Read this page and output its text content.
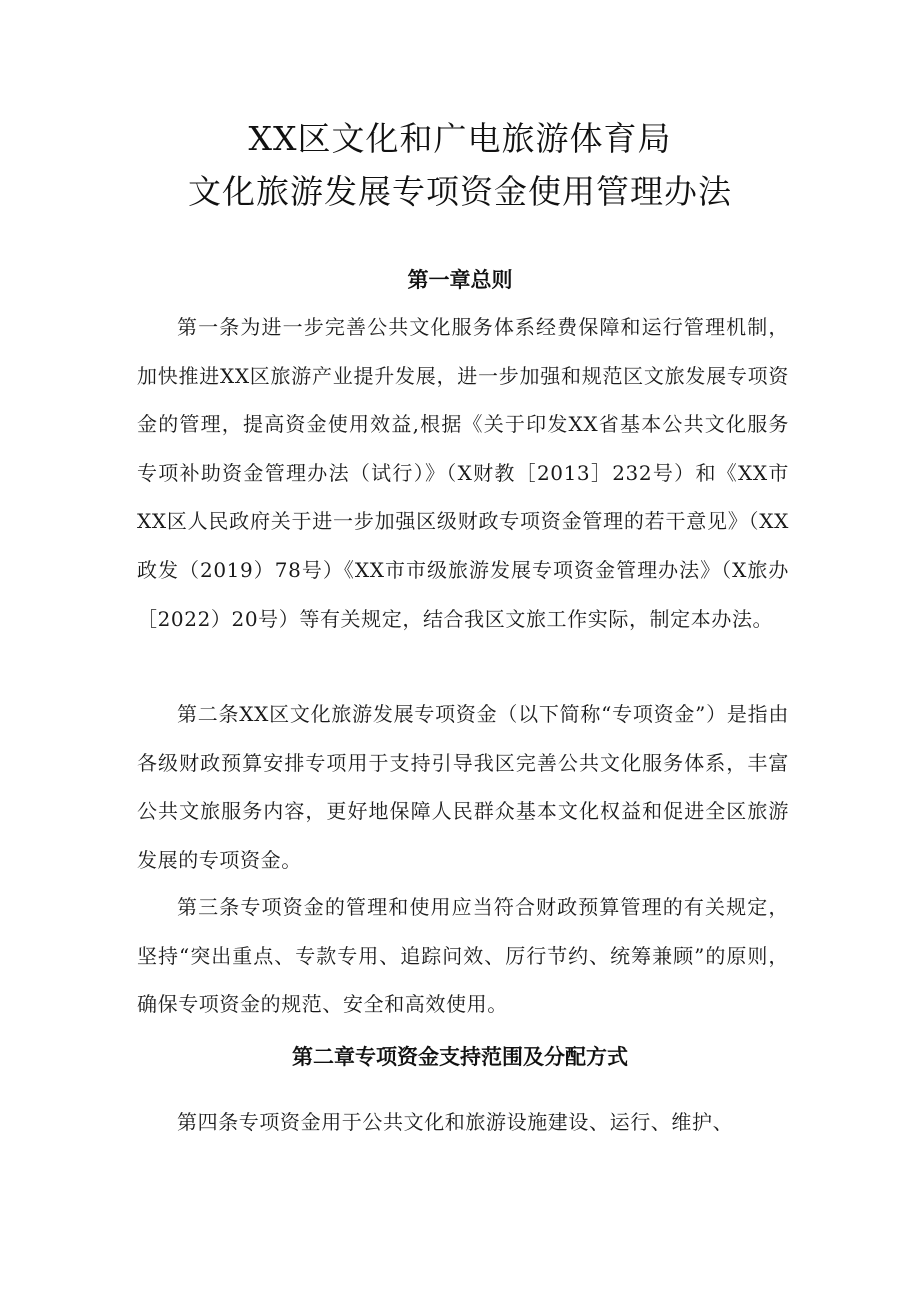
XX区文化和广电旅游体育局
文化旅游发展专项资金使用管理办法
第一章总则

第一条为进一步完善公共文化服务体系经费保障和运行管理机制，加快推进XX区旅游产业提升发展，进一步加强和规范区文旅发展专项资金的管理，提高资金使用效益,根据《关于印发XX省基本公共文化服务专项补助资金管理办法（试行）》（X财教［2013］232号）和《XX市XX区人民政府关于进一步加强区级财政专项资金管理的若干意见》（XX政发（2019）78号）《XX市市级旅游发展专项资金管理办法》（X旅办［2022）20号）等有关规定，结合我区文旅工作实际，制定本办法。

第二条XX区文化旅游发展专项资金（以下简称“专项资金”）是指由各级财政预算安排专项用于支持引导我区完善公共文化服务体系，丰富公共文旅服务内容，更好地保障人民群众基本文化权益和促进全区旅游发展的专项资金。

第三条专项资金的管理和使用应当符合财政预算管理的有关规定，坚持“突出重点、专款专用、追踪问效、厉行节约、统筹兼顾”的原则，确保专项资金的规范、安全和高效使用。

第二章专项资金支持范围及分配方式

第四条专项资金用于公共文化和旅游设施建设、运行、维护、
